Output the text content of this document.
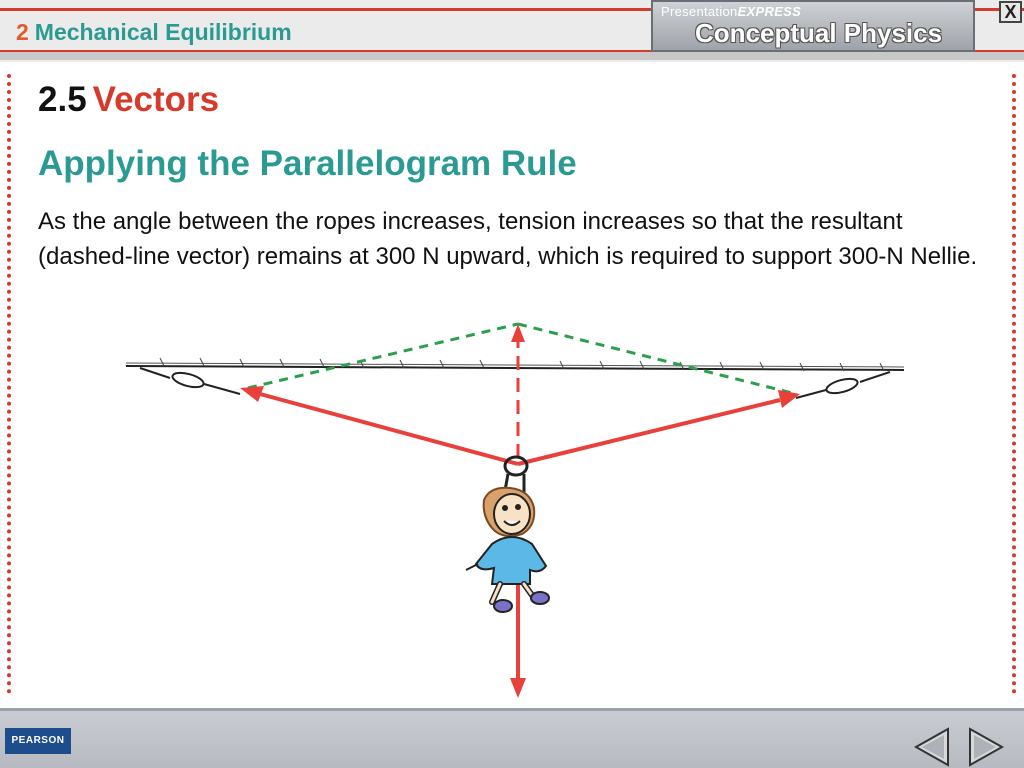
2 Mechanical Equilibrium
PresentationEXPRESS
Conceptual Physics
X
2.5 Vectors
Applying the Parallelogram Rule
As the angle between the ropes increases, tension increases so that the resultant (dashed-line vector) remains at 300 N upward, which is required to support 300-N Nellie.
PEARSON
